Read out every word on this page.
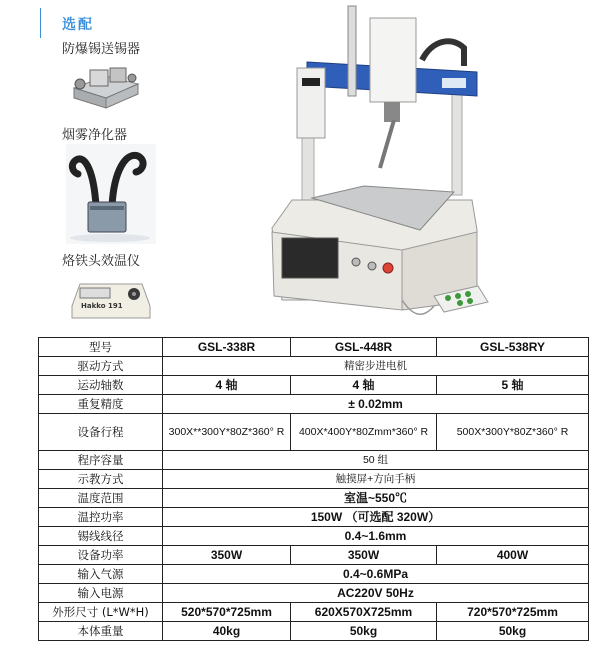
选配
防爆锡送锡器
烟雾净化器
烙铁头效温仪
Hakko 191
型号	GSL-338R	GSL-448R	GSL-538RY
驱动方式	精密步进电机		
运动轴数	4 轴	4 轴	5 轴
重复精度	± 0.02mm		
设备行程	300X**300Y*80Z*360° R	400X*400Y*80Zmm*360° R	500X*300Y*80Z*360° R
程序容量	50 组		
示教方式	触摸屏+方向手柄		
温度范围	室温~550℃		
温控功率	150W （可选配 320W）		
锡线线径	0.4~1.6mm		
设备功率	350W	350W	400W
输入气源	0.4~0.6MPa		
输入电源	AC220V 50Hz		
外形尺寸 (L*W*H)	520*570*725mm	620X570X725mm	720*570*725mm
本体重量	40kg	50kg	50kg
